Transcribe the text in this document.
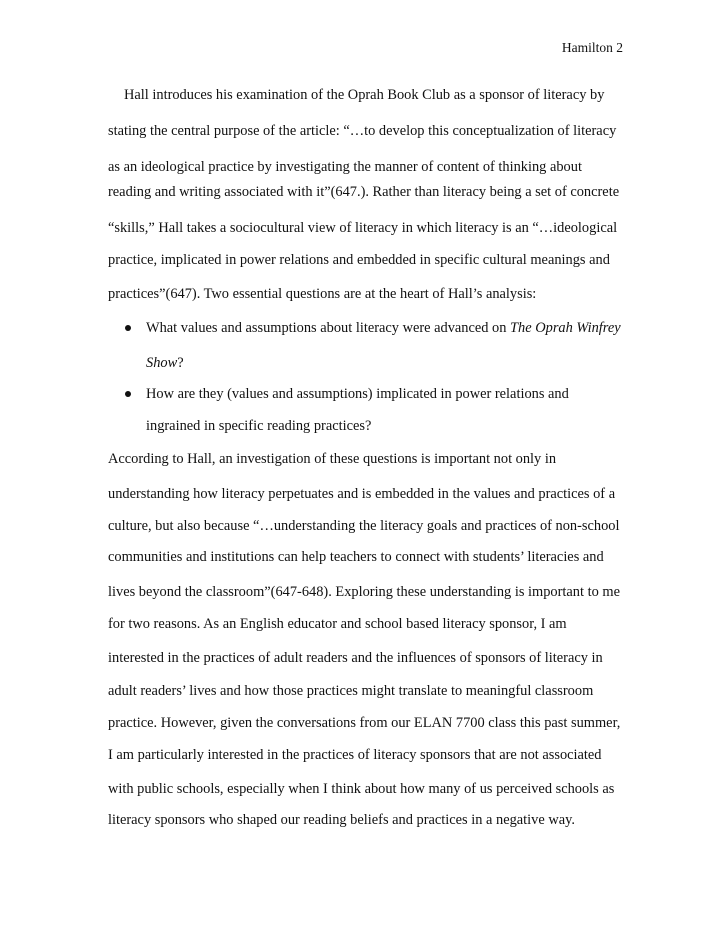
Hamilton 2
Hall introduces his examination of the Oprah Book Club as a sponsor of literacy by
stating the central purpose of the article: “…to develop this conceptualization of literacy
as an ideological practice by investigating the manner of content of thinking about
reading and writing associated with it”(647.). Rather than literacy being a set of concrete
“skills,” Hall takes a sociocultural view of literacy in which literacy is an “…ideological
practice, implicated in power relations and embedded in specific cultural meanings and
practices”(647). Two essential questions are at the heart of Hall’s analysis:
What values and assumptions about literacy were advanced on The Oprah Winfrey
Show?
How are they (values and assumptions) implicated in power relations and
ingrained in specific reading practices?
According to Hall, an investigation of these questions is important not only in
understanding how literacy perpetuates and is embedded in the values and practices of a
culture, but also because “…understanding the literacy goals and practices of non-school
communities and institutions can help teachers to connect with students’ literacies and
lives beyond the classroom”(647-648). Exploring these understanding is important to me
for two reasons. As an English educator and school based literacy sponsor, I am
interested in the practices of adult readers and the influences of sponsors of literacy in
adult readers’ lives and how those practices might translate to meaningful classroom
practice. However, given the conversations from our ELAN 7700 class this past summer,
I am particularly interested in the practices of literacy sponsors that are not associated
with public schools, especially when I think about how many of us perceived schools as
literacy sponsors who shaped our reading beliefs and practices in a negative way.
